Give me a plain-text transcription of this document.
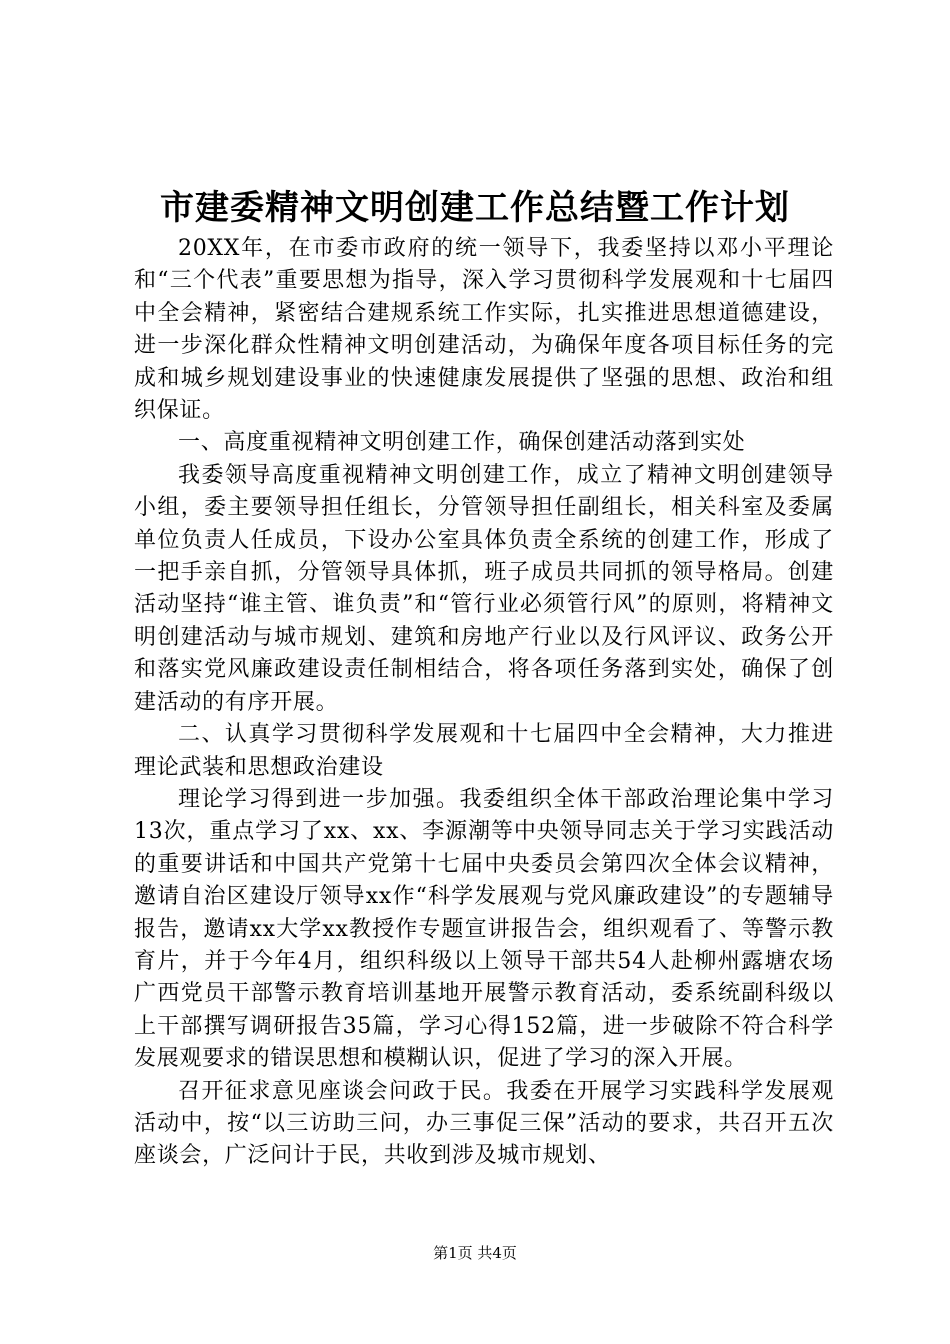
市建委精神文明创建工作总结暨工作计划

20XX年，在市委市政府的统一领导下，我委坚持以邓小平理论和“三个代表”重要思想为指导，深入学习贯彻科学发展观和十七届四中全会精神，紧密结合建规系统工作实际，扎实推进思想道德建设，进一步深化群众性精神文明创建活动，为确保年度各项目标任务的完成和城乡规划建设事业的快速健康发展提供了坚强的思想、政治和组织保证。

一、高度重视精神文明创建工作，确保创建活动落到实处

我委领导高度重视精神文明创建工作，成立了精神文明创建领导小组，委主要领导担任组长，分管领导担任副组长，相关科室及委属单位负责人任成员，下设办公室具体负责全系统的创建工作，形成了一把手亲自抓，分管领导具体抓，班子成员共同抓的领导格局。创建活动坚持“谁主管、谁负责”和“管行业必须管行风”的原则，将精神文明创建活动与城市规划、建筑和房地产行业以及行风评议、政务公开和落实党风廉政建设责任制相结合，将各项任务落到实处，确保了创建活动的有序开展。

二、认真学习贯彻科学发展观和十七届四中全会精神，大力推进理论武装和思想政治建设

理论学习得到进一步加强。我委组织全体干部政治理论集中学习13次，重点学习了xx、xx、李源潮等中央领导同志关于学习实践活动的重要讲话和中国共产党第十七届中央委员会第四次全体会议精神，邀请自治区建设厅领导xx作“科学发展观与党风廉政建设”的专题辅导报告，邀请xx大学xx教授作专题宣讲报告会，组织观看了、等警示教育片，并于今年4月，组织科级以上领导干部共54人赴柳州露塘农场广西党员干部警示教育培训基地开展警示教育活动，委系统副科级以上干部撰写调研报告35篇，学习心得152篇，进一步破除不符合科学发展观要求的错误思想和模糊认识，促进了学习的深入开展。

召开征求意见座谈会问政于民。我委在开展学习实践科学发展观活动中，按“以三访助三问，办三事促三保”活动的要求，共召开五次座谈会，广泛问计于民，共收到涉及城市规划、

第1页 共4页
